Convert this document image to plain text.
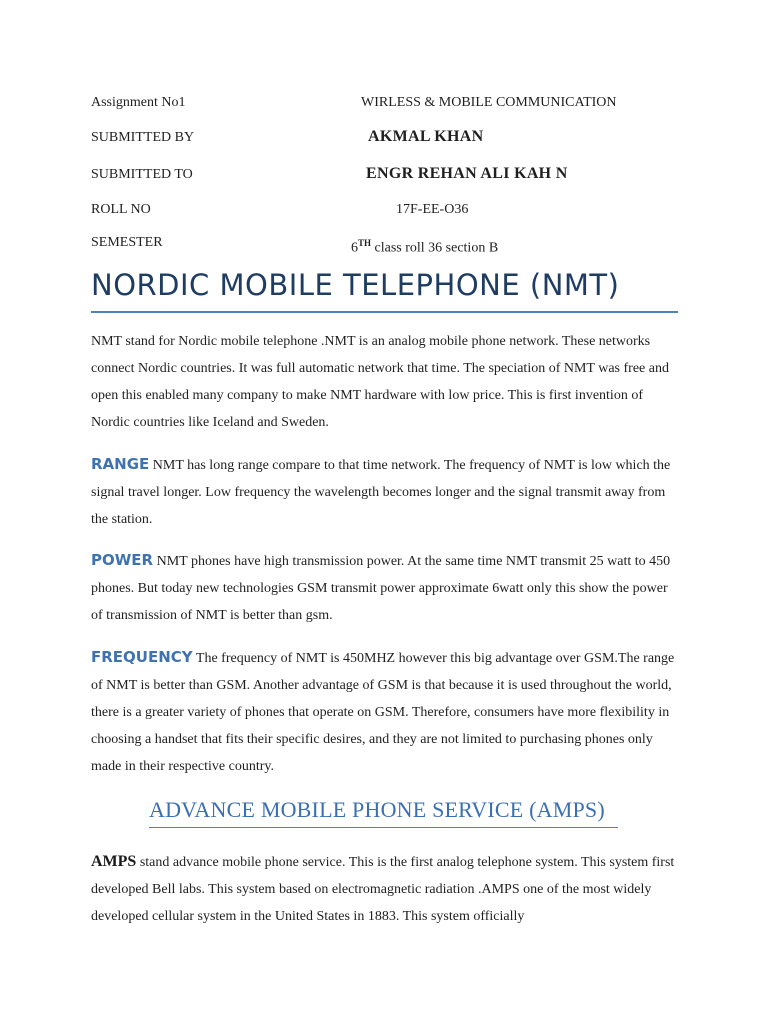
Assignment No1	WIRLESS & MOBILE COMMUNICATION
SUBMITTED BY	AKMAL KHAN
SUBMITTED TO	ENGR REHAN ALI KAH N
ROLL NO	17F-EE-O36
SEMESTER	6TH class roll 36 section B
NORDIC MOBILE TELEPHONE (NMT)

NMT stand for Nordic mobile telephone .NMT is an analog mobile phone network. These networks connect Nordic countries. It was full automatic network that time. The speciation of NMT was free and open this enabled many company to make NMT hardware with low price. This is first invention of Nordic countries like Iceland and Sweden.

RANGE NMT has long range compare to that time network. The frequency of NMT is low which the signal travel longer. Low frequency the wavelength becomes longer and the signal transmit away from the station.

POWER NMT phones have high transmission power. At the same time NMT transmit 25 watt to 450 phones. But today new technologies GSM transmit power approximate 6watt only this show the power of transmission of NMT is better than gsm.

FREQUENCY The frequency of NMT is 450MHZ however this big advantage over GSM.The range of NMT is better than GSM. Another advantage of GSM is that because it is used throughout the world, there is a greater variety of phones that operate on GSM. Therefore, consumers have more flexibility in choosing a handset that fits their specific desires, and they are not limited to purchasing phones only made in their respective country.

ADVANCE MOBILE PHONE SERVICE (AMPS)

AMPS stand advance mobile phone service. This is the first analog telephone system. This system first developed Bell labs. This system based on electromagnetic radiation .AMPS one of the most widely developed cellular system in the United States in 1883. This system officially
